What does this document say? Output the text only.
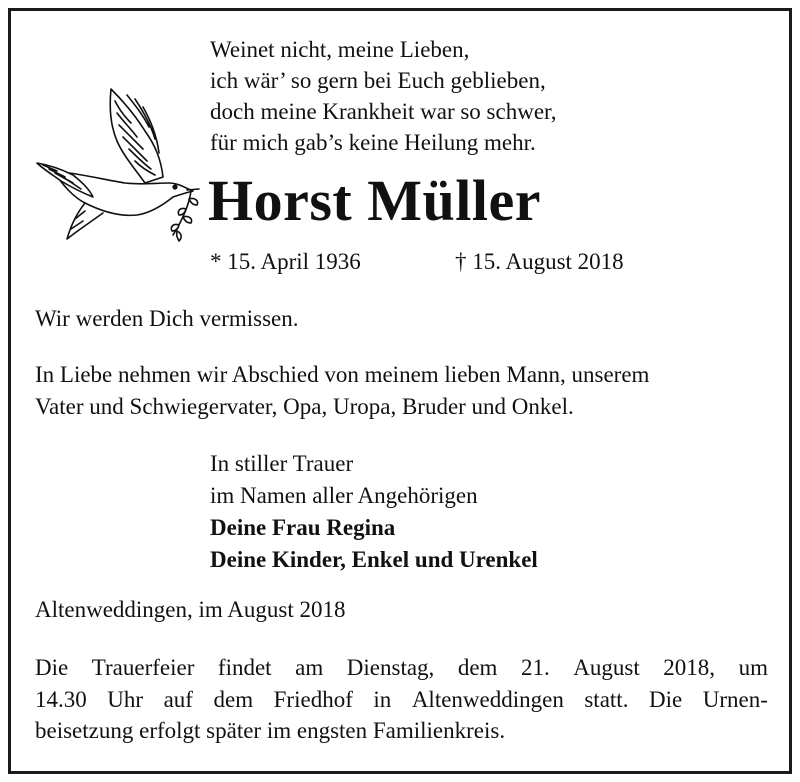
Weinet nicht, meine Lieben,
ich wär’ so gern bei Euch geblieben,
doch meine Krankheit war so schwer,
für mich gab’s keine Heilung mehr.
Horst Müller
* 15. April 1936	† 15. August 2018
Wir werden Dich vermissen.
In Liebe nehmen wir Abschied von meinem lieben Mann, unserem
Vater und Schwiegervater, Opa, Uropa, Bruder und Onkel.
In stiller Trauer
im Namen aller Angehörigen
Deine Frau Regina
Deine Kinder, Enkel und Urenkel
Altenweddingen, im August 2018
Die Trauerfeier findet am Dienstag, dem 21. August 2018, um
14.30 Uhr auf dem Friedhof in Altenweddingen statt. Die Urnen-
beisetzung erfolgt später im engsten Familienkreis.
